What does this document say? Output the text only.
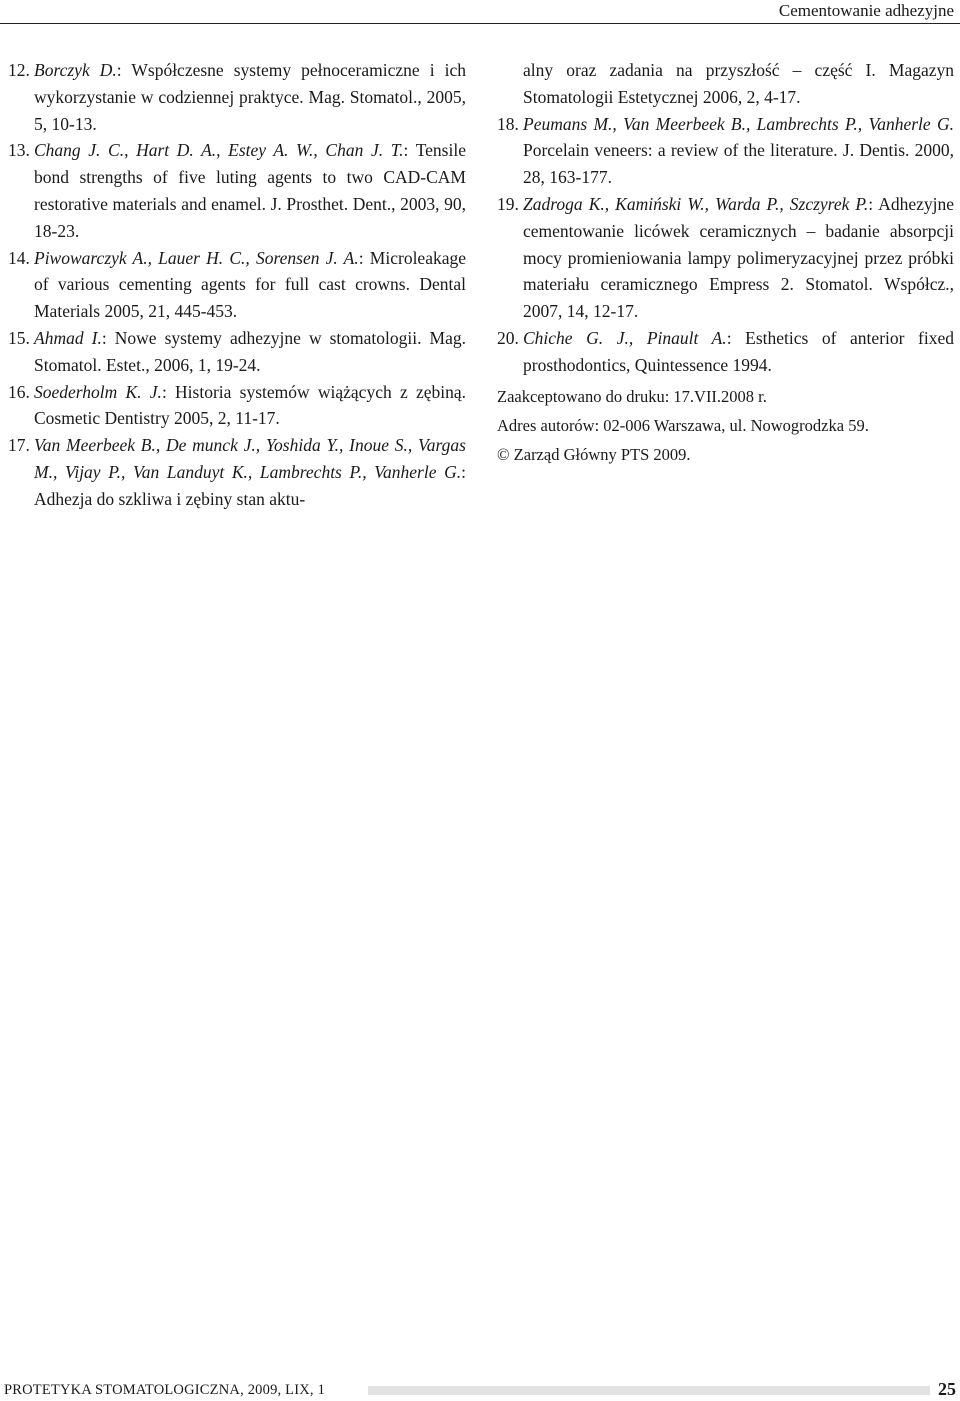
Cementowanie adhezyjne

12. Borczyk D.: Współczesne systemy pełnoceramiczne i ich wykorzystanie w codziennej praktyce. Mag. Stomatol., 2005, 5, 10-13.

13. Chang J. C., Hart D. A., Estey A. W., Chan J. T.: Tensile bond strengths of five luting agents to two CAD-CAM restorative materials and enamel. J. Prosthet. Dent., 2003, 90, 18-23.

14. Piwowarczyk A., Lauer H. C., Sorensen J. A.: Microleakage of various cementing agents for full cast crowns. Dental Materials 2005, 21, 445-453.

15. Ahmad I.: Nowe systemy adhezyjne w stomatologii. Mag. Stomatol. Estet., 2006, 1, 19-24.

16. Soederholm K. J.: Historia systemów wiążących z zębiną. Cosmetic Dentistry 2005, 2, 11-17.

17. Van Meerbeek B., De munck J., Yoshida Y., Inoue S., Vargas M., Vijay P., Van Landuyt K., Lambrechts P., Vanherle G.: Adhezja do szkliwa i zębiny stan aktu-

alny oraz zadania na przyszłość – część I. Magazyn Stomatologii Estetycznej 2006, 2, 4-17.

18. Peumans M., Van Meerbeek B., Lambrechts P., Vanherle G. Porcelain veneers: a review of the literature. J. Dentis. 2000, 28, 163-177.

19. Zadroga K., Kamiński W., Warda P., Szczyrek P.: Adhezyjne cementowanie licówek ceramicznych – badanie absorpcji mocy promieniowania lampy polimeryzacyjnej przez próbki materiału ceramicznego Empress 2. Stomatol. Współcz., 2007, 14, 12-17.

20. Chiche G. J., Pinault A.: Esthetics of anterior fixed prosthodontics, Quintessence 1994.

Zaakceptowano do druku: 17.VII.2008 r.

Adres autorów: 02-006 Warszawa, ul. Nowogrodzka 59.

© Zarząd Główny PTS 2009.

PROTETYKA STOMATOLOGICZNA, 2009, LIX, 1	25
